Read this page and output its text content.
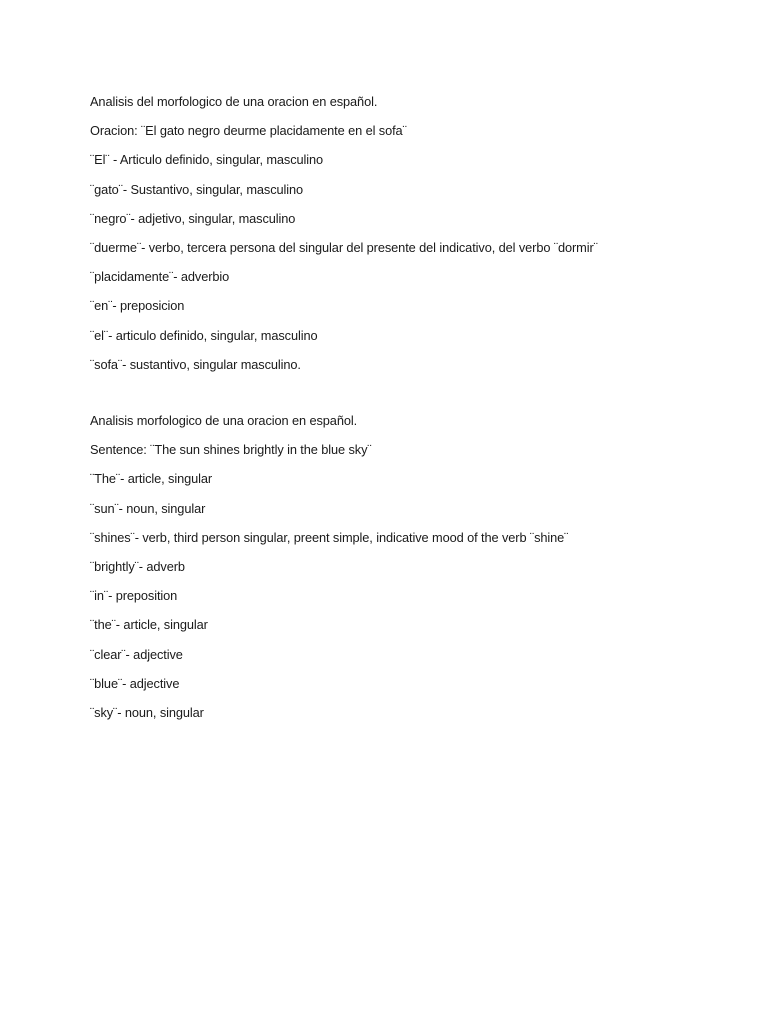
Analisis del morfologico de una oracion en español.

Oracion: ¨El gato negro deurme placidamente en el sofa¨

¨El¨ - Articulo definido, singular, masculino

¨gato¨- Sustantivo, singular, masculino

¨negro¨- adjetivo, singular, masculino

¨duerme¨- verbo, tercera persona del singular del presente del indicativo, del verbo ¨dormir¨

¨placidamente¨- adverbio

¨en¨- preposicion

¨el¨- articulo definido, singular, masculino

¨sofa¨- sustantivo, singular masculino.

Analisis morfologico de una oracion en español.

Sentence: ¨The sun shines brightly in the blue sky¨

¨The¨- article, singular

¨sun¨- noun, singular

¨shines¨- verb, third person singular, preent simple, indicative mood of the verb ¨shine¨

¨brightly¨- adverb

¨in¨- preposition

¨the¨- article, singular

¨clear¨- adjective

¨blue¨- adjective

¨sky¨- noun, singular
